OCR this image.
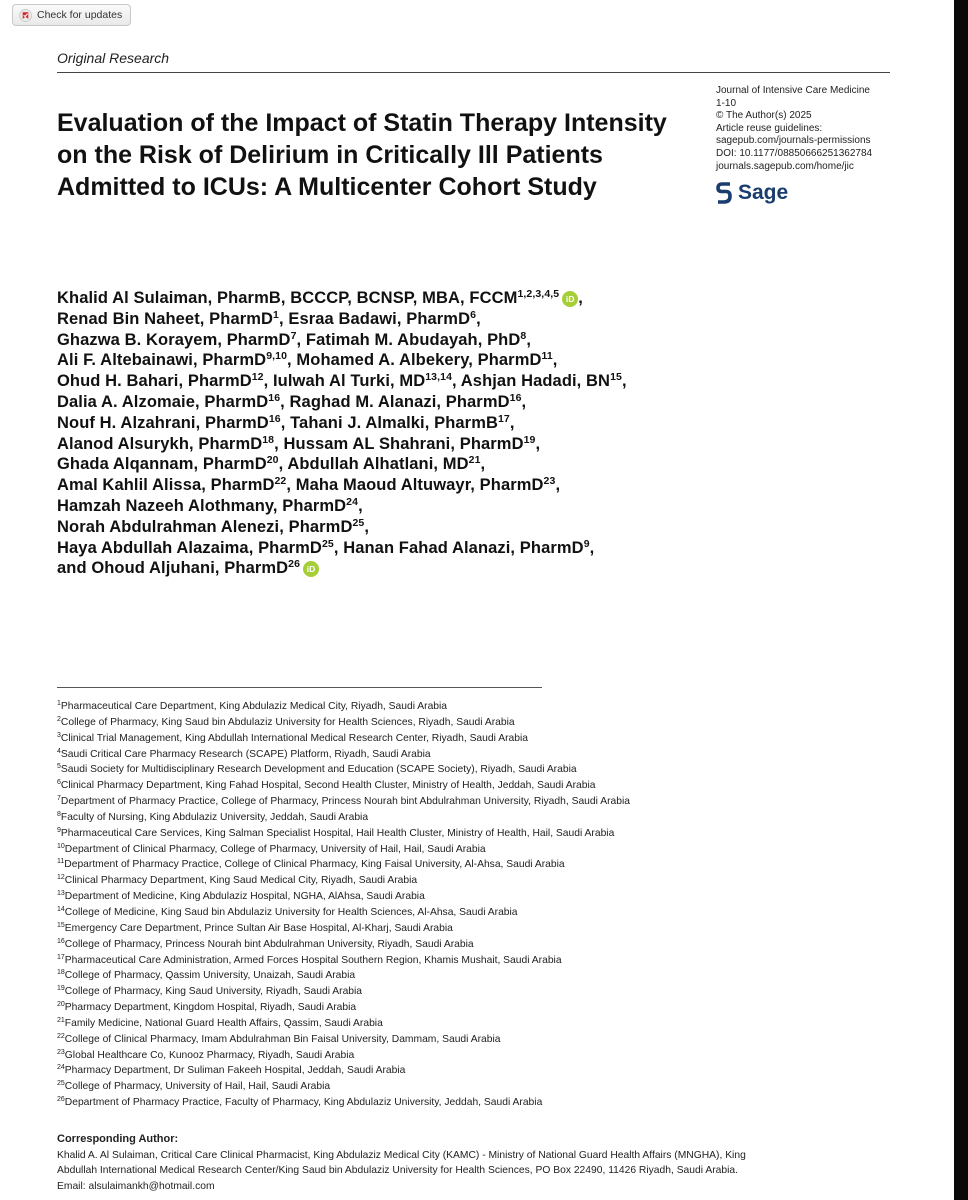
Check for updates
Original Research
Evaluation of the Impact of Statin Therapy Intensity on the Risk of Delirium in Critically Ill Patients Admitted to ICUs: A Multicenter Cohort Study
Journal of Intensive Care Medicine
1-10
© The Author(s) 2025
Article reuse guidelines:
sagepub.com/journals-permissions
DOI: 10.1177/08850666251362784
journals.sagepub.com/home/jic
Sage
Khalid Al Sulaiman, PharmB, BCCCP, BCNSP, MBA, FCCM$^{1,2,3,4,5}$ iD ,
Renad Bin Naheet, PharmD$^1$, Esraa Badawi, PharmD$^6$,
Ghazwa B. Korayem, PharmD$^7$, Fatimah M. Abudayah, PhD$^8$,
Ali F. Altebainawi, PharmD$^{9,10}$, Mohamed A. Albekery, PharmD$^{11}$,
Ohud H. Bahari, PharmD$^{12}$, Iulwah Al Turki, MD$^{13,14}$, Ashjan Hadadi, BN$^{15}$,
Dalia A. Alzomaie, PharmD$^{16}$, Raghad M. Alanazi, PharmD$^{16}$,
Nouf H. Alzahrani, PharmD$^{16}$, Tahani J. Almalki, PharmB$^{17}$,
Alanod Alsurykh, PharmD$^{18}$, Hussam AL Shahrani, PharmD$^{19}$,
Ghada Alqannam, PharmD$^{20}$, Abdullah Alhatlani, MD$^{21}$,
Amal Kahlil Alissa, PharmD$^{22}$, Maha Maoud Altuwayr, PharmD$^{23}$,
Hamzah Nazeeh Alothmany, PharmD$^{24}$,
Norah Abdulrahman Alenezi, PharmD$^{25}$,
Haya Abdullah Alazaima, PharmD$^{25}$, Hanan Fahad Alanazi, PharmD$^9$,
and Ohoud Aljuhani, PharmD$^{26}$ iD
$^1$Pharmaceutical Care Department, King Abdulaziz Medical City, Riyadh, Saudi Arabia
$^2$College of Pharmacy, King Saud bin Abdulaziz University for Health Sciences, Riyadh, Saudi Arabia
$^3$Clinical Trial Management, King Abdullah International Medical Research Center, Riyadh, Saudi Arabia
$^4$Saudi Critical Care Pharmacy Research (SCAPE) Platform, Riyadh, Saudi Arabia
$^5$Saudi Society for Multidisciplinary Research Development and Education (SCAPE Society), Riyadh, Saudi Arabia
$^6$Clinical Pharmacy Department, King Fahad Hospital, Second Health Cluster, Ministry of Health, Jeddah, Saudi Arabia
$^7$Department of Pharmacy Practice, College of Pharmacy, Princess Nourah bint Abdulrahman University, Riyadh, Saudi Arabia
$^8$Faculty of Nursing, King Abdulaziz University, Jeddah, Saudi Arabia
$^9$Pharmaceutical Care Services, King Salman Specialist Hospital, Hail Health Cluster, Ministry of Health, Hail, Saudi Arabia
$^{10}$Department of Clinical Pharmacy, College of Pharmacy, University of Hail, Hail, Saudi Arabia
$^{11}$Department of Pharmacy Practice, College of Clinical Pharmacy, King Faisal University, Al-Ahsa, Saudi Arabia
$^{12}$Clinical Pharmacy Department, King Saud Medical City, Riyadh, Saudi Arabia
$^{13}$Department of Medicine, King Abdulaziz Hospital, NGHA, AlAhsa, Saudi Arabia
$^{14}$College of Medicine, King Saud bin Abdulaziz University for Health Sciences, Al-Ahsa, Saudi Arabia
$^{15}$Emergency Care Department, Prince Sultan Air Base Hospital, Al-Kharj, Saudi Arabia
$^{16}$College of Pharmacy, Princess Nourah bint Abdulrahman University, Riyadh, Saudi Arabia
$^{17}$Pharmaceutical Care Administration, Armed Forces Hospital Southern Region, Khamis Mushait, Saudi Arabia
$^{18}$College of Pharmacy, Qassim University, Unaizah, Saudi Arabia
$^{19}$College of Pharmacy, King Saud University, Riyadh, Saudi Arabia
$^{20}$Pharmacy Department, Kingdom Hospital, Riyadh, Saudi Arabia
$^{21}$Family Medicine, National Guard Health Affairs, Qassim, Saudi Arabia
$^{22}$College of Clinical Pharmacy, Imam Abdulrahman Bin Faisal University, Dammam, Saudi Arabia
$^{23}$Global Healthcare Co, Kunooz Pharmacy, Riyadh, Saudi Arabia
$^{24}$Pharmacy Department, Dr Suliman Fakeeh Hospital, Jeddah, Saudi Arabia
$^{25}$College of Pharmacy, University of Hail, Hail, Saudi Arabia
$^{26}$Department of Pharmacy Practice, Faculty of Pharmacy, King Abdulaziz University, Jeddah, Saudi Arabia
Corresponding Author:
Khalid A. Al Sulaiman, Critical Care Clinical Pharmacist, King Abdulaziz Medical City (KAMC) - Ministry of National Guard Health Affairs (MNGHA), King
Abdullah International Medical Research Center/King Saud bin Abdulaziz University for Health Sciences, PO Box 22490, 11426 Riyadh, Saudi Arabia.
Email: alsulaimankh@hotmail.com
